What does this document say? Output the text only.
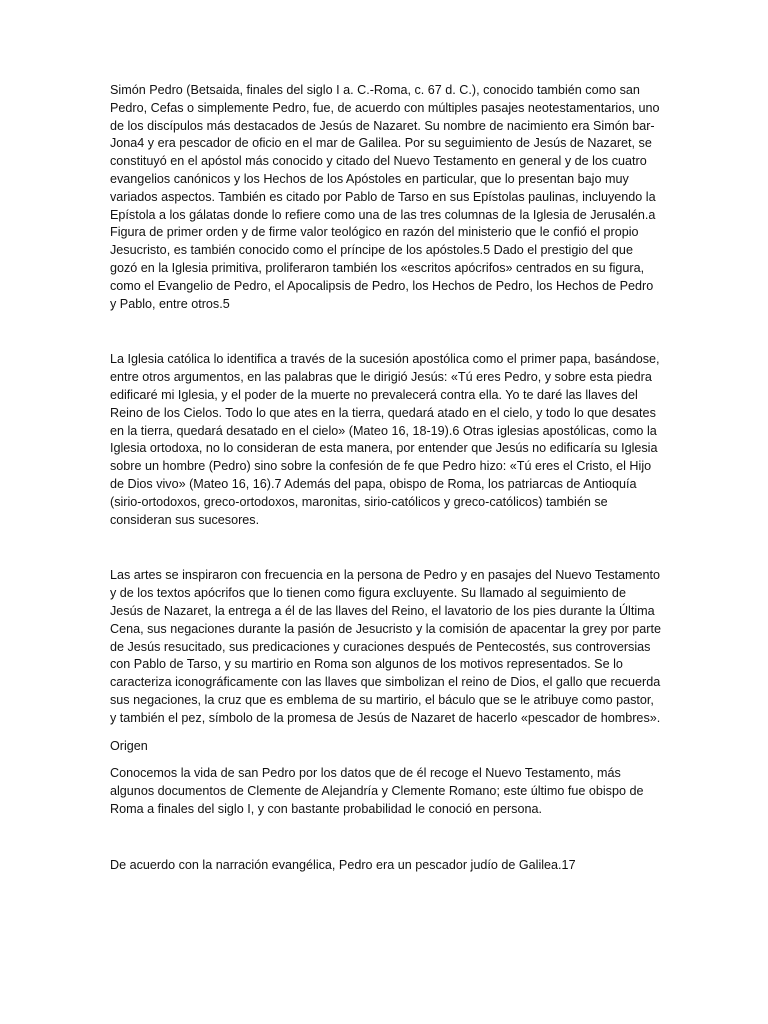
Simón Pedro (Betsaida, finales del siglo I a. C.-Roma, c. 67 d. C.), conocido también como san Pedro, Cefas o simplemente Pedro, fue, de acuerdo con múltiples pasajes neotestamentarios, uno de los discípulos más destacados de Jesús de Nazaret. Su nombre de nacimiento era Simón bar-Jona4 y era pescador de oficio en el mar de Galilea. Por su seguimiento de Jesús de Nazaret, se constituyó en el apóstol más conocido y citado del Nuevo Testamento en general y de los cuatro evangelios canónicos y los Hechos de los Apóstoles en particular, que lo presentan bajo muy variados aspectos. También es citado por Pablo de Tarso en sus Epístolas paulinas, incluyendo la Epístola a los gálatas donde lo refiere como una de las tres columnas de la Iglesia de Jerusalén.a Figura de primer orden y de firme valor teológico en razón del ministerio que le confió el propio Jesucristo, es también conocido como el príncipe de los apóstoles.5 Dado el prestigio del que gozó en la Iglesia primitiva, proliferaron también los «escritos apócrifos» centrados en su figura, como el Evangelio de Pedro, el Apocalipsis de Pedro, los Hechos de Pedro, los Hechos de Pedro y Pablo, entre otros.5

La Iglesia católica lo identifica a través de la sucesión apostólica como el primer papa, basándose, entre otros argumentos, en las palabras que le dirigió Jesús: «Tú eres Pedro, y sobre esta piedra edificaré mi Iglesia, y el poder de la muerte no prevalecerá contra ella. Yo te daré las llaves del Reino de los Cielos. Todo lo que ates en la tierra, quedará atado en el cielo, y todo lo que desates en la tierra, quedará desatado en el cielo» (Mateo 16, 18-19).6 Otras iglesias apostólicas, como la Iglesia ortodoxa, no lo consideran de esta manera, por entender que Jesús no edificaría su Iglesia sobre un hombre (Pedro) sino sobre la confesión de fe que Pedro hizo: «Tú eres el Cristo, el Hijo de Dios vivo» (Mateo 16, 16).7 Además del papa, obispo de Roma, los patriarcas de Antioquía (sirio-ortodoxos, greco-ortodoxos, maronitas, sirio-católicos y greco-católicos) también se consideran sus sucesores.

Las artes se inspiraron con frecuencia en la persona de Pedro y en pasajes del Nuevo Testamento y de los textos apócrifos que lo tienen como figura excluyente. Su llamado al seguimiento de Jesús de Nazaret, la entrega a él de las llaves del Reino, el lavatorio de los pies durante la Última Cena, sus negaciones durante la pasión de Jesucristo y la comisión de apacentar la grey por parte de Jesús resucitado, sus predicaciones y curaciones después de Pentecostés, sus controversias con Pablo de Tarso, y su martirio en Roma son algunos de los motivos representados. Se lo caracteriza iconográficamente con las llaves que simbolizan el reino de Dios, el gallo que recuerda sus negaciones, la cruz que es emblema de su martirio, el báculo que se le atribuye como pastor, y también el pez, símbolo de la promesa de Jesús de Nazaret de hacerlo «pescador de hombres».

Origen

Conocemos la vida de san Pedro por los datos que de él recoge el Nuevo Testamento, más algunos documentos de Clemente de Alejandría y Clemente Romano; este último fue obispo de Roma a finales del siglo I, y con bastante probabilidad le conoció en persona.

De acuerdo con la narración evangélica, Pedro era un pescador judío de Galilea.17
